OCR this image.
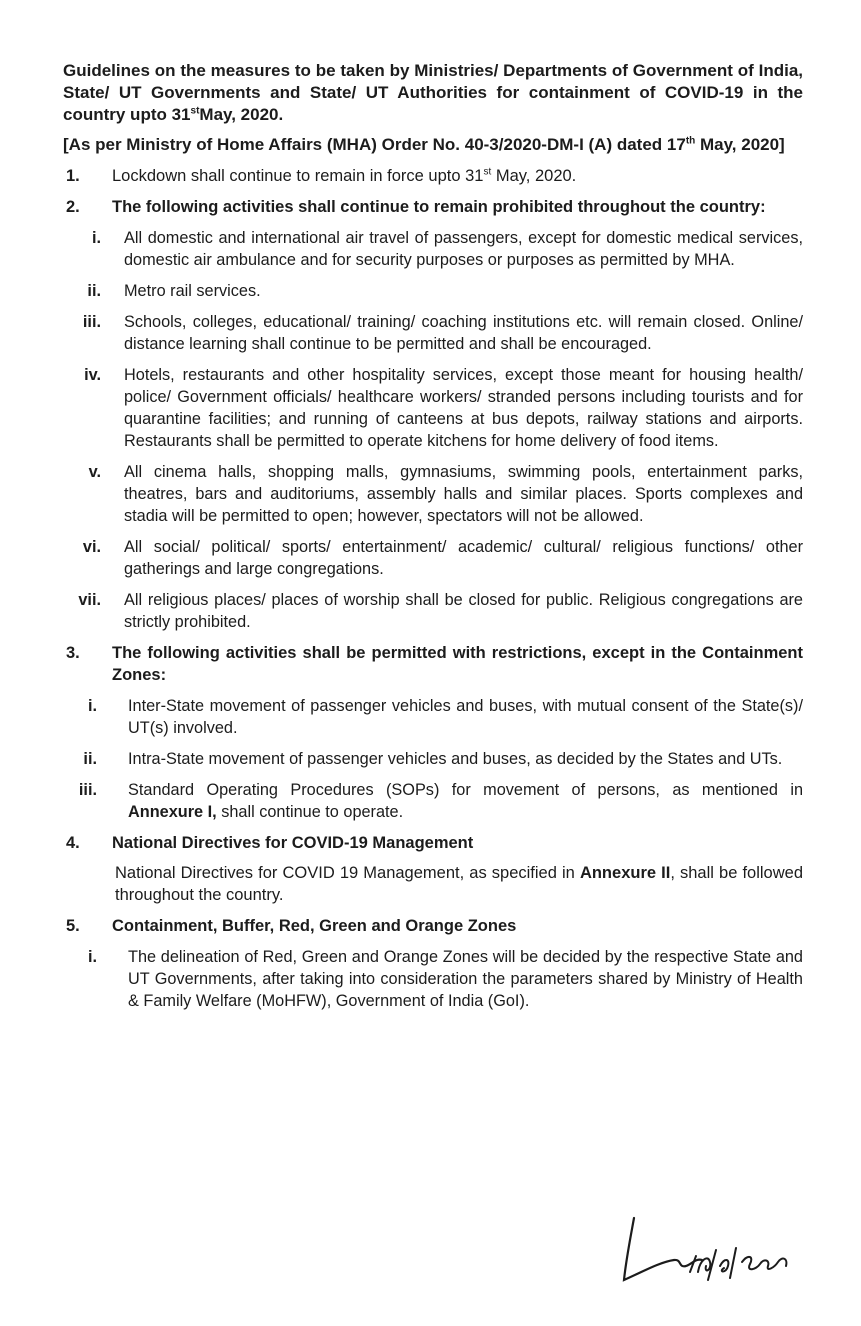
Guidelines on the measures to be taken by Ministries/ Departments of Government of India, State/ UT Governments and State/ UT Authorities for containment of COVID-19 in the country upto 31stMay, 2020.
[As per Ministry of Home Affairs (MHA) Order No. 40-3/2020-DM-I (A) dated 17th May, 2020]
1. Lockdown shall continue to remain in force upto 31st May, 2020.
2. The following activities shall continue to remain prohibited throughout the country:
i. All domestic and international air travel of passengers, except for domestic medical services, domestic air ambulance and for security purposes or purposes as permitted by MHA.
ii. Metro rail services.
iii. Schools, colleges, educational/ training/ coaching institutions etc. will remain closed. Online/ distance learning shall continue to be permitted and shall be encouraged.
iv. Hotels, restaurants and other hospitality services, except those meant for housing health/ police/ Government officials/ healthcare workers/ stranded persons including tourists and for quarantine facilities; and running of canteens at bus depots, railway stations and airports. Restaurants shall be permitted to operate kitchens for home delivery of food items.
v. All cinema halls, shopping malls, gymnasiums, swimming pools, entertainment parks, theatres, bars and auditoriums, assembly halls and similar places. Sports complexes and stadia will be permitted to open; however, spectators will not be allowed.
vi. All social/ political/ sports/ entertainment/ academic/ cultural/ religious functions/ other gatherings and large congregations.
vii. All religious places/ places of worship shall be closed for public. Religious congregations are strictly prohibited.
3. The following activities shall be permitted with restrictions, except in the Containment Zones:
i. Inter-State movement of passenger vehicles and buses, with mutual consent of the State(s)/ UT(s) involved.
ii. Intra-State movement of passenger vehicles and buses, as decided by the States and UTs.
iii. Standard Operating Procedures (SOPs) for movement of persons, as mentioned in Annexure I, shall continue to operate.
4. National Directives for COVID-19 Management
National Directives for COVID 19 Management, as specified in Annexure II, shall be followed throughout the country.
5. Containment, Buffer, Red, Green and Orange Zones
i. The delineation of Red, Green and Orange Zones will be decided by the respective State and UT Governments, after taking into consideration the parameters shared by Ministry of Health & Family Welfare (MoHFW), Government of India (GoI).
